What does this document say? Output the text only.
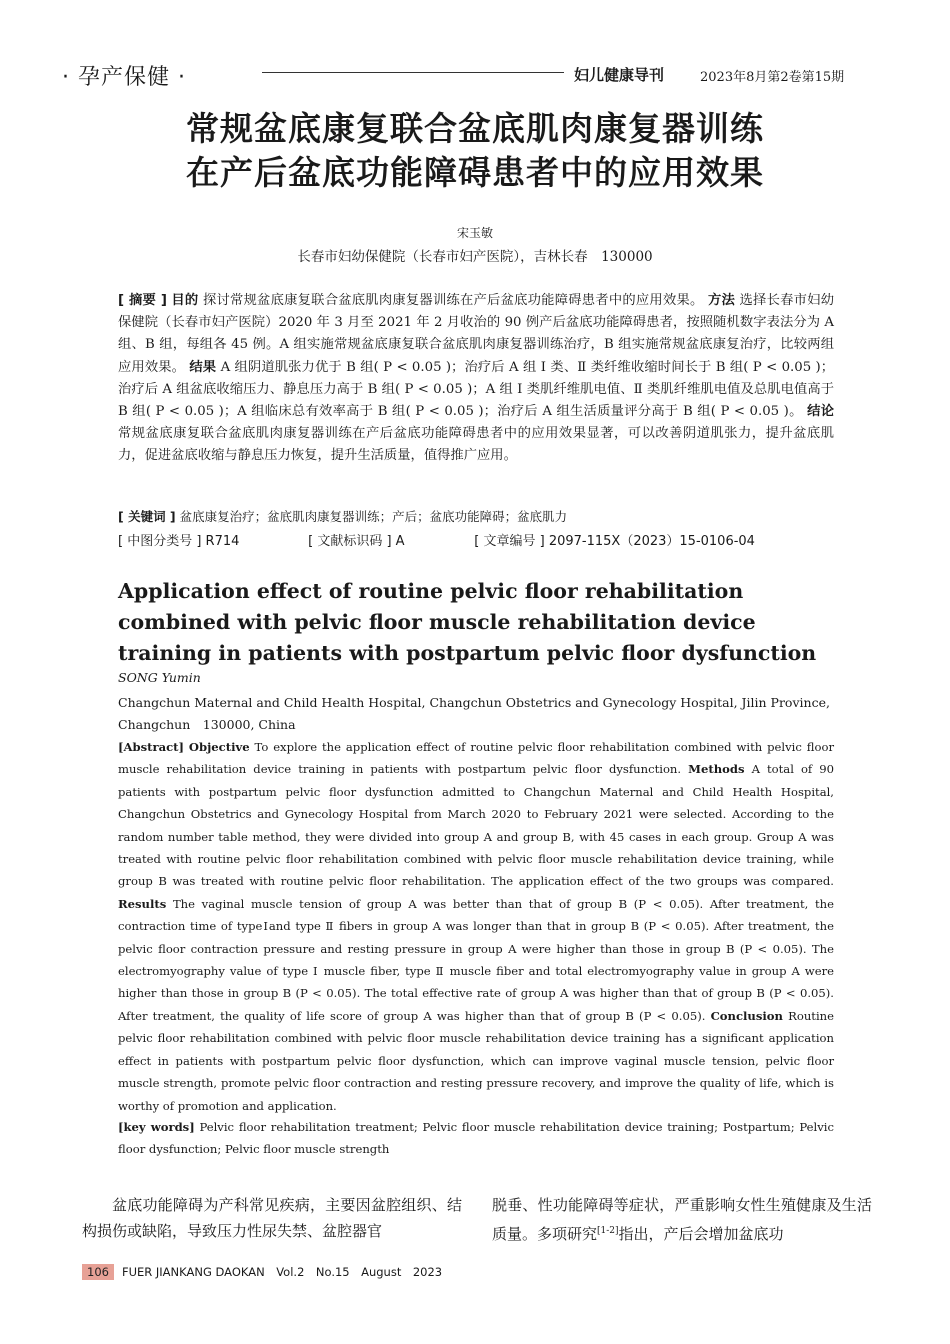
· 孕产保健 ·	妇儿健康导刊	2023年8月第2卷第15期
常规盆底康复联合盆底肌肉康复器训练
在产后盆底功能障碍患者中的应用效果
宋玉敏
长春市妇幼保健院（长春市妇产医院），吉林长春　130000
[ 摘要 ] 目的 探讨常规盆底康复联合盆底肌肉康复器训练在产后盆底功能障碍患者中的应用效果。 方法 选择长春市妇幼保健院（长春市妇产医院）2020 年 3 月至 2021 年 2 月收治的 90 例产后盆底功能障碍患者，按照随机数字表法分为 A 组、B 组，每组各 45 例。A 组实施常规盆底康复联合盆底肌肉康复器训练治疗，B 组实施常规盆底康复治疗，比较两组应用效果。 结果 A 组阴道肌张力优于 B 组( P < 0.05 )；治疗后 A 组 Ⅰ 类、Ⅱ 类纤维收缩时间长于 B 组( P < 0.05 )；治疗后 A 组盆底收缩压力、静息压力高于 B 组( P < 0.05 )；A 组 Ⅰ 类肌纤维肌电值、Ⅱ 类肌纤维肌电值及总肌电值高于 B 组( P < 0.05 )；A 组临床总有效率高于 B 组( P < 0.05 )；治疗后 A 组生活质量评分高于 B 组( P < 0.05 )。 结论 常规盆底康复联合盆底肌肉康复器训练在产后盆底功能障碍患者中的应用效果显著，可以改善阴道肌张力，提升盆底肌力，促进盆底收缩与静息压力恢复，提升生活质量，值得推广应用。
[ 关键词 ] 盆底康复治疗；盆底肌肉康复器训练；产后；盆底功能障碍；盆底肌力
[ 中图分类号 ] R714	[ 文献标识码 ] A	[ 文章编号 ] 2097-115X（2023）15-0106-04
Application effect of routine pelvic floor rehabilitation combined with pelvic floor muscle rehabilitation device training in patients with postpartum pelvic floor dysfunction
SONG Yumin
Changchun Maternal and Child Health Hospital, Changchun Obstetrics and Gynecology Hospital, Jilin Province, Changchun　130000, China
[Abstract] Objective To explore the application effect of routine pelvic floor rehabilitation combined with pelvic floor muscle rehabilitation device training in patients with postpartum pelvic floor dysfunction. Methods A total of 90 patients with postpartum pelvic floor dysfunction admitted to Changchun Maternal and Child Health Hospital, Changchun Obstetrics and Gynecology Hospital from March 2020 to February 2021 were selected. According to the random number table method, they were divided into group A and group B, with 45 cases in each group. Group A was treated with routine pelvic floor rehabilitation combined with pelvic floor muscle rehabilitation device training, while group B was treated with routine pelvic floor rehabilitation. The application effect of the two groups was compared. Results The vaginal muscle tension of group A was better than that of group B (P < 0.05). After treatment, the contraction time of typeⅠand type Ⅱ fibers in group A was longer than that in group B (P < 0.05). After treatment, the pelvic floor contraction pressure and resting pressure in group A were higher than those in group B (P < 0.05). The electromyography value of type Ⅰ muscle fiber, type Ⅱ muscle fiber and total electromyography value in group A were higher than those in group B (P < 0.05). The total effective rate of group A was higher than that of group B (P < 0.05). After treatment, the quality of life score of group A was higher than that of group B (P < 0.05). Conclusion Routine pelvic floor rehabilitation combined with pelvic floor muscle rehabilitation device training has a significant application effect in patients with postpartum pelvic floor dysfunction, which can improve vaginal muscle tension, pelvic floor muscle strength, promote pelvic floor contraction and resting pressure recovery, and improve the quality of life, which is worthy of promotion and application.
[key words] Pelvic floor rehabilitation treatment; Pelvic floor muscle rehabilitation device training; Postpartum; Pelvic floor dysfunction; Pelvic floor muscle strength
盆底功能障碍为产科常见疾病，主要因盆腔组织、结构损伤或缺陷，导致压力性尿失禁、盆腔器官
脱垂、性功能障碍等症状，严重影响女性生殖健康及生活质量。多项研究[1-2]指出，产后会增加盆底功
106 FUER JIANKANG DAOKAN　Vol.2　No.15　August　2023
